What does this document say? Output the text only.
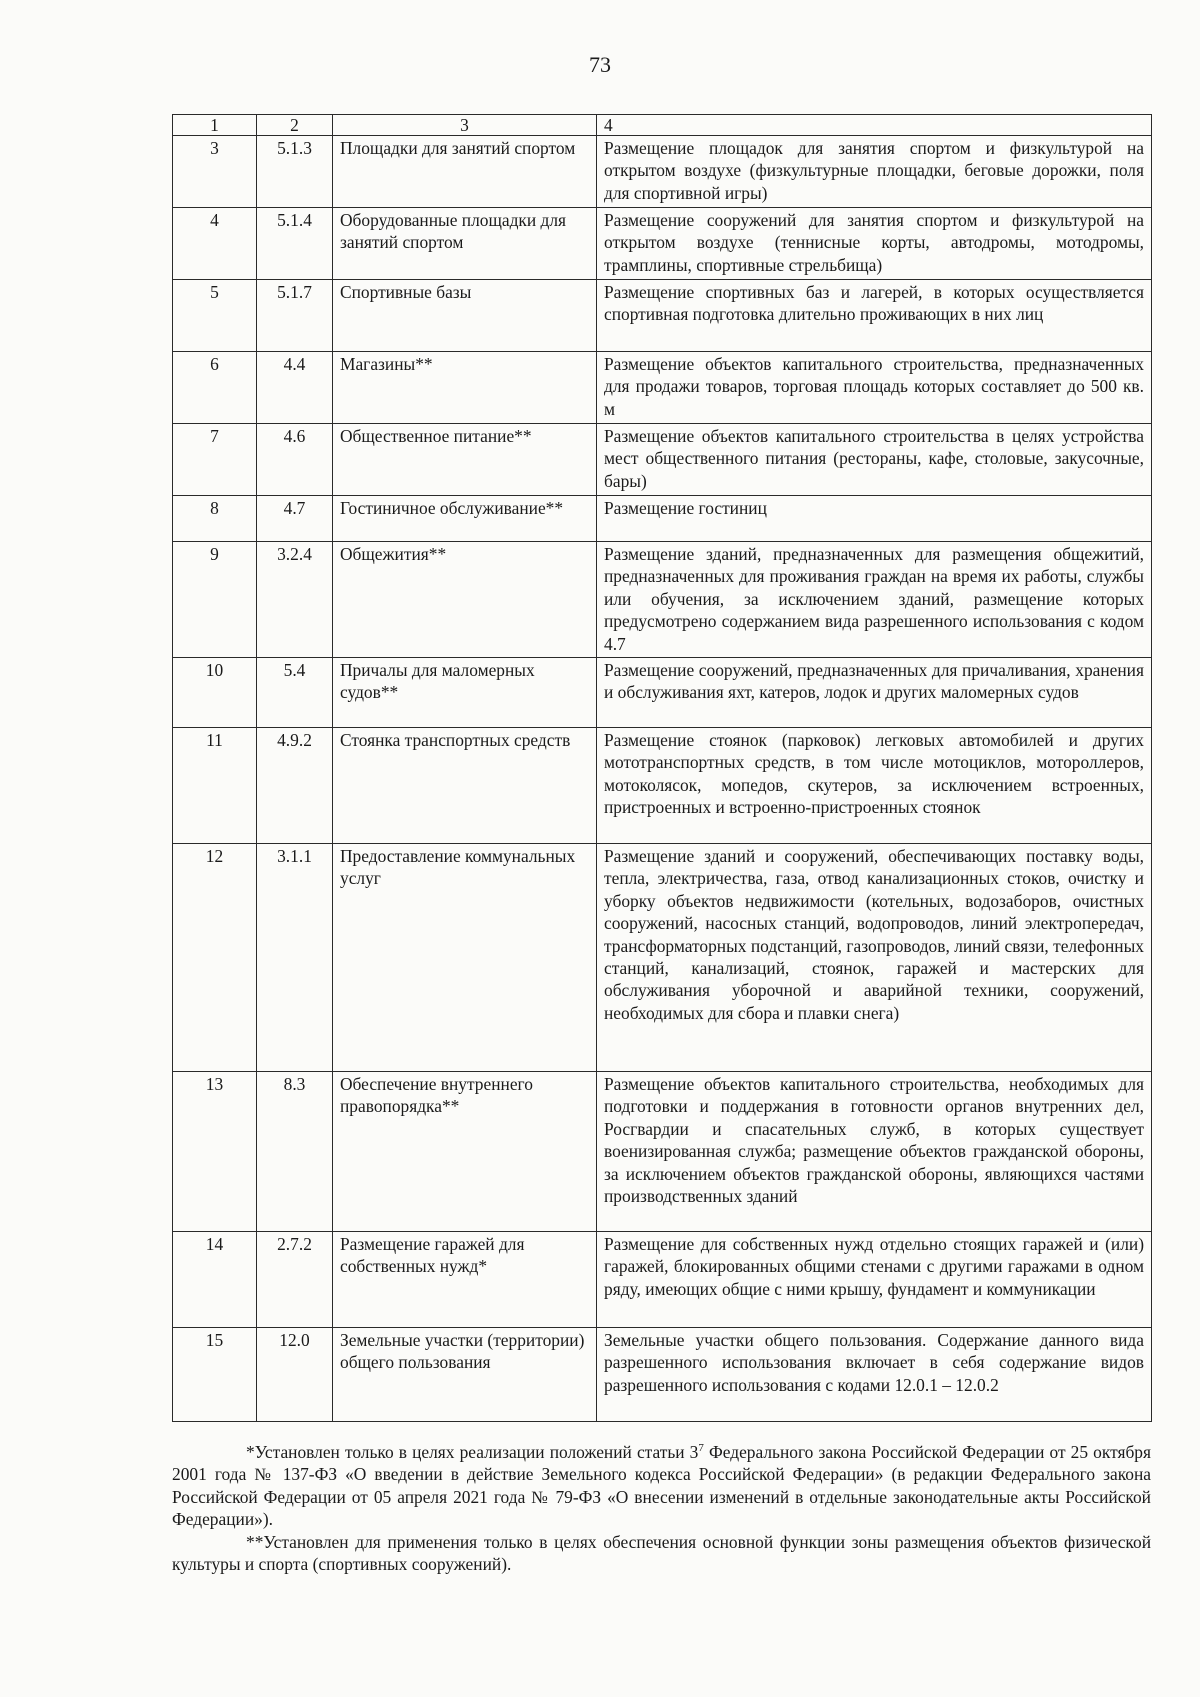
73
1	2	3	4
3	5.1.3	Площадки для занятий спортом	Размещение площадок для занятия спортом и физкультурой на открытом воздухе (физкультурные площадки, беговые дорожки, поля для спортивной игры)
4	5.1.4	Оборудованные площадки для занятий спортом	Размещение сооружений для занятия спортом и физкультурой на открытом воздухе (теннисные корты, автодромы, мотодромы, трамплины, спортивные стрельбища)
5	5.1.7	Спортивные базы	Размещение спортивных баз и лагерей, в которых осуществляется спортивная подготовка длительно проживающих в них лиц
6	4.4	Магазины**	Размещение объектов капитального строительства, предназначенных для продажи товаров, торговая площадь которых составляет до 500 кв. м
7	4.6	Общественное питание**	Размещение объектов капитального строительства в целях устройства мест общественного питания (рестораны, кафе, столовые, закусочные, бары)
8	4.7	Гостиничное обслуживание**	Размещение гостиниц
9	3.2.4	Общежития**	Размещение зданий, предназначенных для размещения общежитий, предназначенных для проживания граждан на время их работы, службы или обучения, за исключением зданий, размещение которых предусмотрено содержанием вида разрешенного использования с кодом 4.7
10	5.4	Причалы для маломерных судов**	Размещение сооружений, предназначенных для причаливания, хранения и обслуживания яхт, катеров, лодок и других маломерных судов
11	4.9.2	Стоянка транспортных средств	Размещение стоянок (парковок) легковых автомобилей и других мототранспортных средств, в том числе мотоциклов, мотороллеров, мотоколясок, мопедов, скутеров, за исключением встроенных, пристроенных и встроенно-пристроенных стоянок
12	3.1.1	Предоставление коммунальных услуг	Размещение зданий и сооружений, обеспечивающих поставку воды, тепла, электричества, газа, отвод канализационных стоков, очистку и уборку объектов недвижимости (котельных, водозаборов, очистных сооружений, насосных станций, водопроводов, линий электропередач, трансформаторных подстанций, газопроводов, линий связи, телефонных станций, канализаций, стоянок, гаражей и мастерских для обслуживания уборочной и аварийной техники, сооружений, необходимых для сбора и плавки снега)
13	8.3	Обеспечение внутреннего правопорядка**	Размещение объектов капитального строительства, необходимых для подготовки и поддержания в готовности органов внутренних дел, Росгвардии и спасательных служб, в которых существует военизированная служба; размещение объектов гражданской обороны, за исключением объектов гражданской обороны, являющихся частями производственных зданий
14	2.7.2	Размещение гаражей для собственных нужд*	Размещение для собственных нужд отдельно стоящих гаражей и (или) гаражей, блокированных общими стенами с другими гаражами в одном ряду, имеющих общие с ними крышу, фундамент и коммуникации
15	12.0	Земельные участки (территории) общего пользования	Земельные участки общего пользования. Содержание данного вида разрешенного использования включает в себя содержание видов разрешенного использования с кодами 12.0.1 – 12.0.2

*Установлен только в целях реализации положений статьи $3^7$ Федерального закона Российской Федерации от 25 октября 2001 года № 137-ФЗ «О введении в действие Земельного кодекса Российской Федерации» (в редакции Федерального закона Российской Федерации от 05 апреля 2021 года № 79-ФЗ «О внесении изменений в отдельные законодательные акты Российской Федерации»).

**Установлен для применения только в целях обеспечения основной функции зоны размещения объектов физической культуры и спорта (спортивных сооружений).
